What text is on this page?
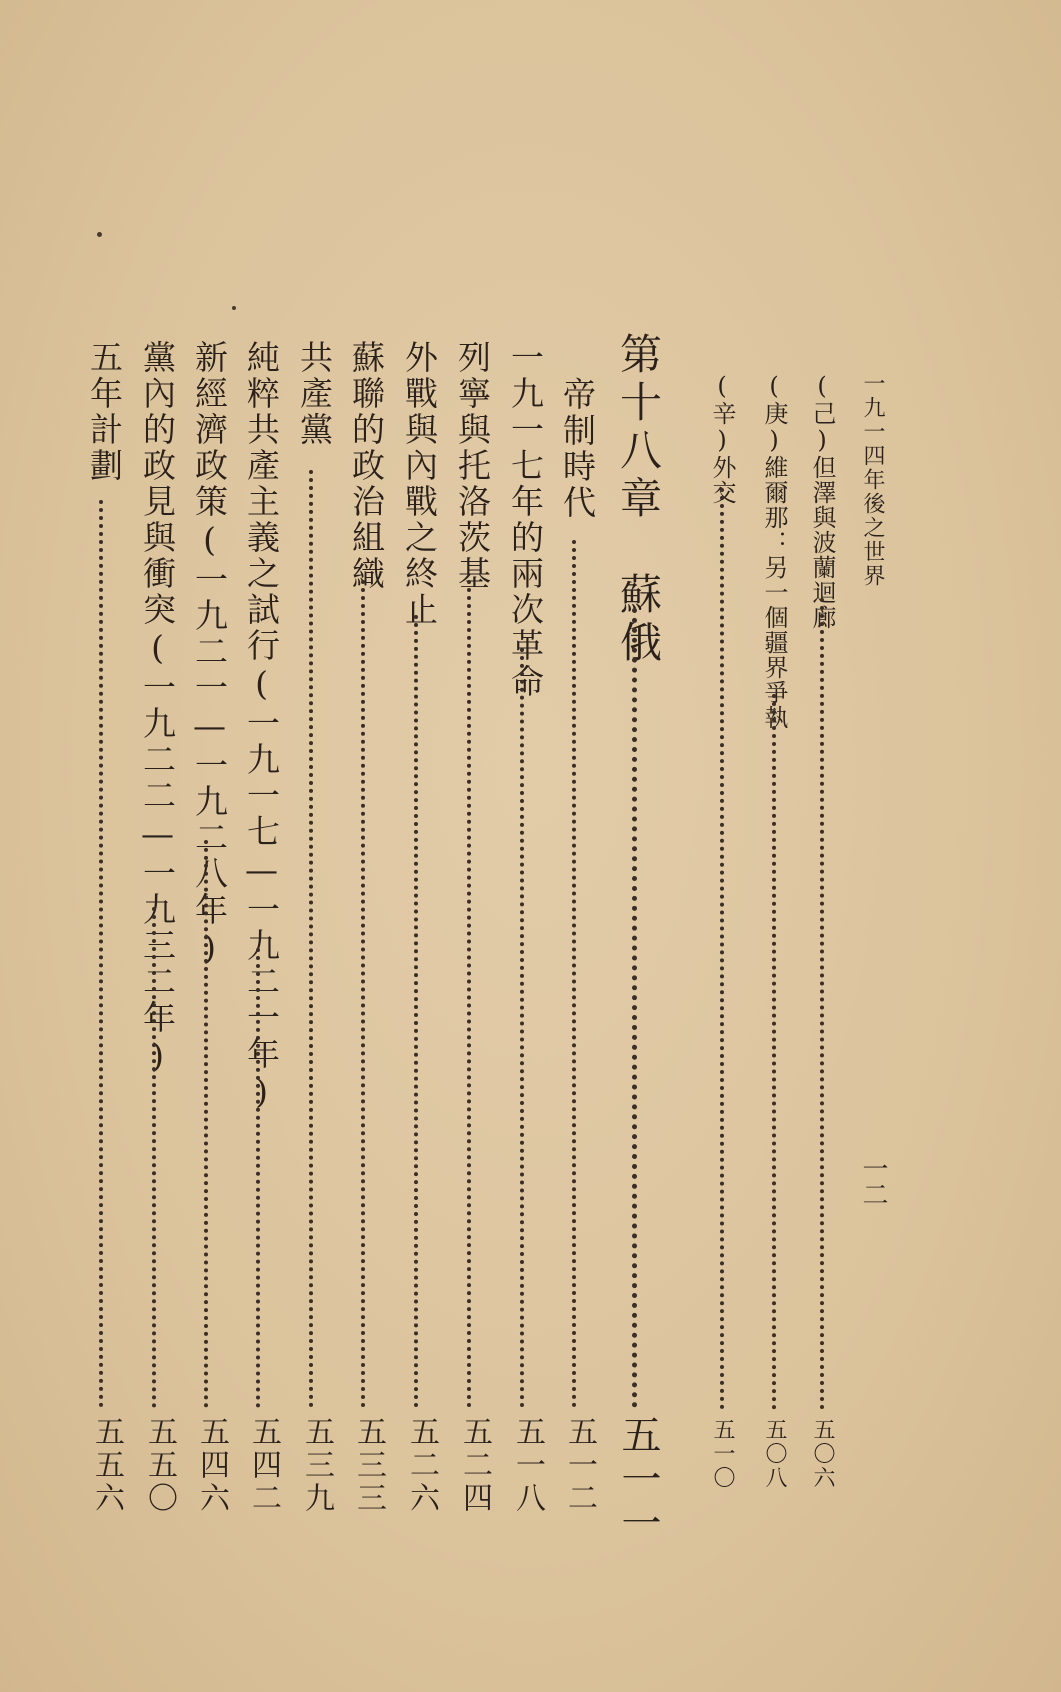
一九一四年後之世界
一二
(己)但澤與波蘭迴廊
五〇六
(庚)維爾那：另一個疆界爭執
五〇八
(辛)外交
五一〇
第十八章　蘇俄
五一一
帝制時代
五一二
一九一七年的兩次革命
五一八
列寧與托洛茨基
五二四
外戰與內戰之終止
五二六
蘇聯的政治組織
五三三
共產黨
五三九
純粹共產主義之試行(一九一七—一九二一年)
五四二
新經濟政策(一九二一—一九二八年)
五四六
黨內的政見與衝突(一九二二—一九三二年)
五五〇
五年計劃
五五六
